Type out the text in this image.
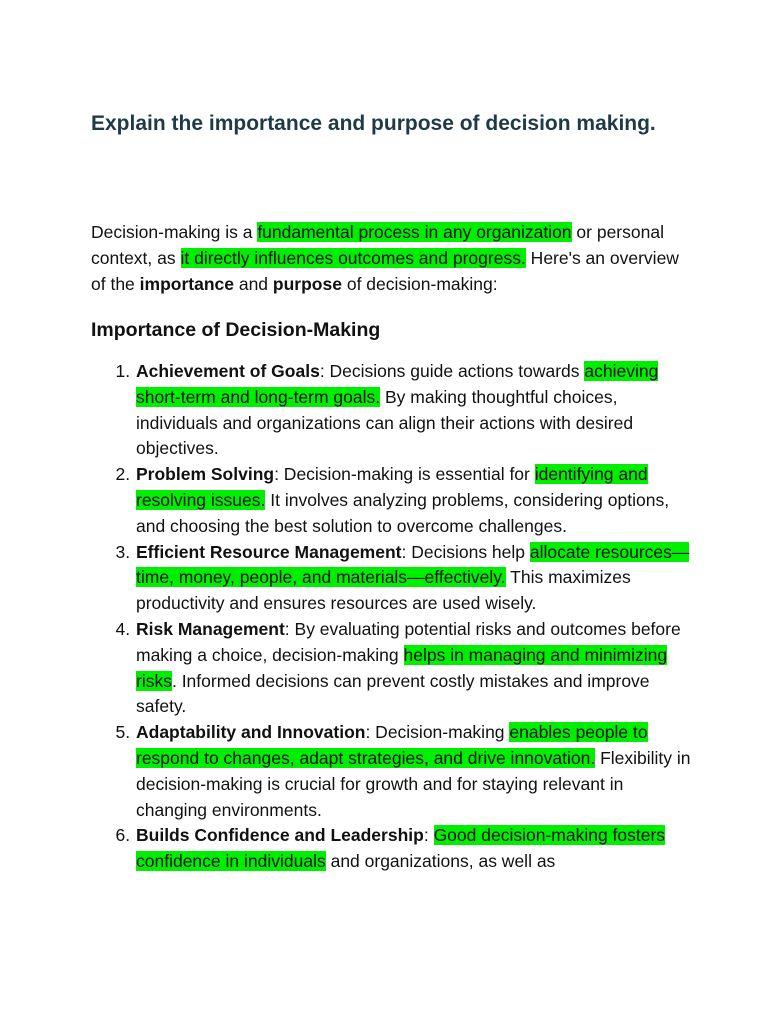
Explain the importance and purpose of decision making.

Decision-making is a fundamental process in any organization or personal context, as it directly influences outcomes and progress. Here's an overview of the importance and purpose of decision-making:

Importance of Decision-Making
1. Achievement of Goals: Decisions guide actions towards achieving short-term and long-term goals. By making thoughtful choices, individuals and organizations can align their actions with desired objectives.
2. Problem Solving: Decision-making is essential for identifying and resolving issues. It involves analyzing problems, considering options, and choosing the best solution to overcome challenges.
3. Efficient Resource Management: Decisions help allocate resources—time, money, people, and materials—effectively. This maximizes productivity and ensures resources are used wisely.
4. Risk Management: By evaluating potential risks and outcomes before making a choice, decision-making helps in managing and minimizing risks. Informed decisions can prevent costly mistakes and improve safety.
5. Adaptability and Innovation: Decision-making enables people to respond to changes, adapt strategies, and drive innovation. Flexibility in decision-making is crucial for growth and for staying relevant in changing environments.
6. Builds Confidence and Leadership: Good decision-making fosters confidence in individuals and organizations, as well as
